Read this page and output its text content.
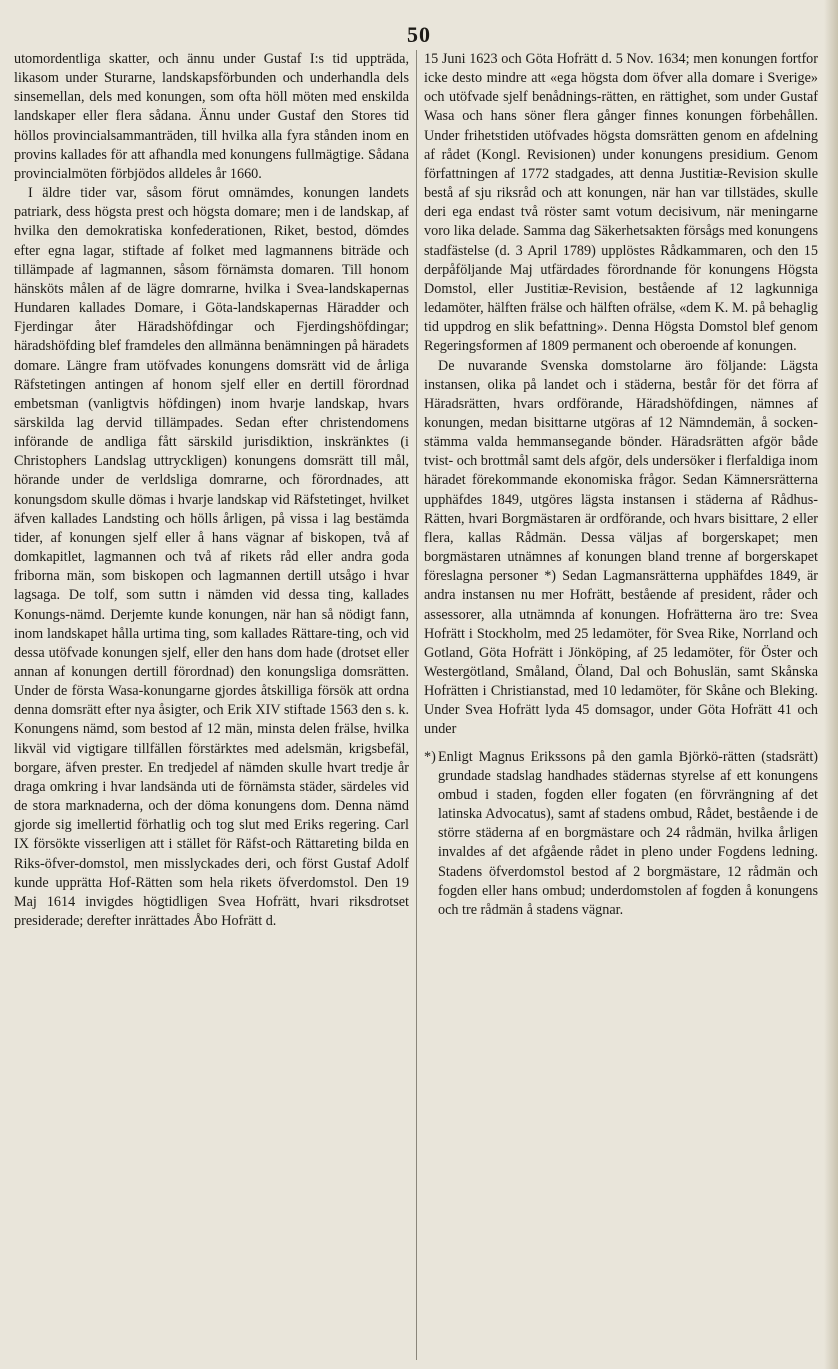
50

utomordentliga skatter, och ännu under Gustaf I:s tid uppträda, likasom under Sturarne, landskapsförbunden och underhandla dels sinsemellan, dels med konungen, som ofta höll möten med enskilda landskaper eller flera sådana. Ännu under Gustaf den Stores tid höllos provincialsammanträden, till hvilka alla fyra stånden inom en provins kallades för att afhandla med konungens fullmägtige. Sådana provincialmöten förbjödos alldeles år 1660.

I äldre tider var, såsom förut omnämdes, konungen landets patriark, dess högsta prest och högsta domare; men i de landskap, af hvilka den demokratiska konfederationen, Riket, bestod, dömdes efter egna lagar, stiftade af folket med lagmannens biträde och tillämpade af lagmannen, såsom förnämsta domaren. Till honom hänsköts målen af de lägre domrarne, hvilka i Svea-landskapernas Hundaren kallades Domare, i Göta-landskapernas Häradder och Fjerdingar åter Häradshöfdingar och Fjerdingshöfdingar; häradshöfding blef framdeles den allmänna benämningen på häradets domare. Längre fram utöfvades konungens domsrätt vid de årliga Räfstetingen antingen af honom sjelf eller en dertill förordnad embetsman (vanligtvis höfdingen) inom hvarje landskap, hvars särskilda lag dervid tillämpades. Sedan efter christendomens införande de andliga fått särskild jurisdiktion, inskränktes (i Christophers Landslag uttryckligen) konungens domsrätt till mål, hörande under de verldsliga domrarne, och förordnades, att konungsdom skulle dömas i hvarje landskap vid Räfstetinget, hvilket äfven kallades Landsting och hölls årligen, på vissa i lag bestämda tider, af konungen sjelf eller å hans vägnar af biskopen, två af domkapitlet, lagmannen och två af rikets råd eller andra goda friborna män, som biskopen och lagmannen dertill utsågo i hvar lagsaga. De tolf, som suttn i nämden vid dessa ting, kallades Konungs-nämd. Derjemte kunde konungen, när han så nödigt fann, inom landskapet hålla urtima ting, som kallades Rättare-ting, och vid dessa utöfvade konungen sjelf, eller den hans dom hade (drotset eller annan af konungen dertill förordnad) den konungsliga domsrätten. Under de första Wasa-konungarne gjordes åtskilliga försök att ordna denna domsrätt efter nya åsigter, och Erik XIV stiftade 1563 den s. k. Konungens nämd, som bestod af 12 män, minsta delen frälse, hvilka likväl vid vigtigare tillfällen förstärktes med adelsmän, krigsbefäl, borgare, äfven prester. En tredjedel af nämden skulle hvart tredje år draga omkring i hvar landsända uti de förnämsta städer, särdeles vid de stora marknaderna, och der döma konungens dom. Denna nämd gjorde sig imellertid förhatlig och tog slut med Eriks regering. Carl IX försökte visserligen att i stället för Räfst-och Rättareting bilda en Riks-öfver-domstol, men misslyckades deri, och först Gustaf Adolf kunde upprätta Hof-Rätten som hela rikets öfverdomstol. Den 19 Maj 1614 invigdes högtidligen Svea Hofrätt, hvari riksdrotset presiderade; derefter inrättades Åbo Hofrätt d.

15 Juni 1623 och Göta Hofrätt d. 5 Nov. 1634; men konungen fortfor icke desto mindre att «ega högsta dom öfver alla domare i Sverige» och utöfvade sjelf benådnings-rätten, en rättighet, som under Gustaf Wasa och hans söner flera gånger finnes konungen förbehållen. Under frihetstiden utöfvades högsta domsrätten genom en afdelning af rådet (Kongl. Revisionen) under konungens presidium. Genom författningen af 1772 stadgades, att denna Justitiæ-Revision skulle bestå af sju riksråd och att konungen, när han var tillstädes, skulle deri ega endast två röster samt votum decisivum, när meningarne voro lika delade. Samma dag Säkerhetsakten försågs med konungens stadfästelse (d. 3 April 1789) upplöstes Rådkammaren, och den 15 derpåföljande Maj utfärdades förordnande för konungens Högsta Domstol, eller Justitiæ-Revision, bestående af 12 lagkunniga ledamöter, hälften frälse och hälften ofrälse, «dem K. M. på behaglig tid uppdrog en slik befattning». Denna Högsta Domstol blef genom Regeringsformen af 1809 permanent och oberoende af konungen.

De nuvarande Svenska domstolarne äro följande: Lägsta instansen, olika på landet och i städerna, består för det förra af Häradsrätten, hvars ordförande, Häradshöfdingen, nämnes af konungen, medan bisittarne utgöras af 12 Nämndemän, å socken-stämma valda hemmansegande bönder. Häradsrätten afgör både tvist- och brottmål samt dels afgör, dels undersöker i flerfaldiga inom häradet förekommande ekonomiska frågor. Sedan Kämnersrätterna upphäfdes 1849, utgöres lägsta instansen i städerna af Rådhus-Rätten, hvari Borgmästaren är ordförande, och hvars bisittare, 2 eller flera, kallas Rådmän. Dessa väljas af borgerskapet; men borgmästaren utnämnes af konungen bland trenne af borgerskapet föreslagna personer *) Sedan Lagmansrätterna upphäfdes 1849, är andra instansen nu mer Hofrätt, bestående af president, råder och assessorer, alla utnämnda af konungen. Hofrätterna äro tre: Svea Hofrätt i Stockholm, med 25 ledamöter, för Svea Rike, Norrland och Gotland, Göta Hofrätt i Jönköping, af 25 ledamöter, för Öster och Westergötland, Småland, Öland, Dal och Bohuslän, samt Skånska Hofrätten i Christianstad, med 10 ledamöter, för Skåne och Bleking. Under Svea Hofrätt lyda 45 domsagor, under Göta Hofrätt 41 och under

*) Enligt Magnus Erikssons på den gamla Björkö-rätten (stadsrätt) grundade stadslag handhades städernas styrelse af ett konungens ombud i staden, fogden eller fogaten (en förvrängning af det latinska Advocatus), samt af stadens ombud, Rådet, bestående i de större städerna af en borgmästare och 24 rådmän, hvilka årligen invaldes af det afgående rådet in pleno under Fogdens ledning. Stadens öfverdomstol bestod af 2 borgmästare, 12 rådmän och fogden eller hans ombud; underdomstolen af fogden å konungens och tre rådmän å stadens vägnar.
